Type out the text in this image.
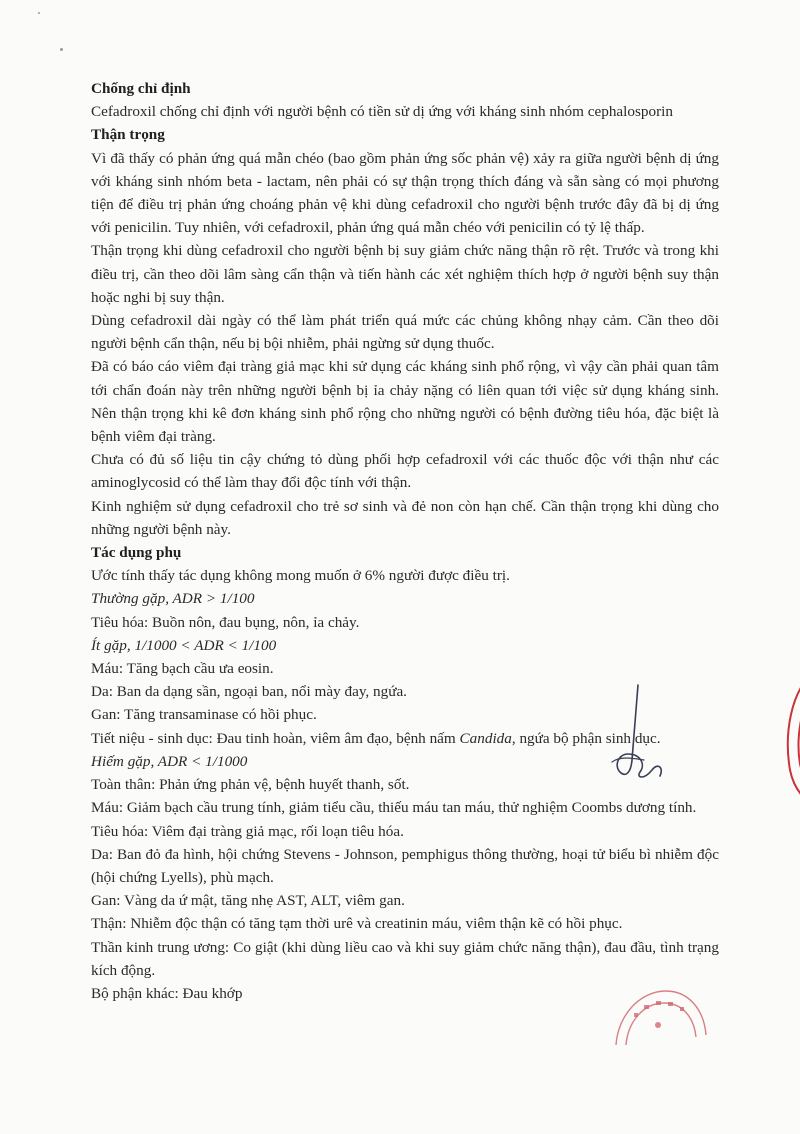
Chống chỉ định

Cefadroxil chống chỉ định với người bệnh có tiền sử dị ứng với kháng sinh nhóm cephalosporin

Thận trọng

Vì đã thấy có phản ứng quá mẫn chéo (bao gồm phản ứng sốc phản vệ) xảy ra giữa người bệnh dị ứng với kháng sinh nhóm beta - lactam, nên phải có sự thận trọng thích đáng và sẵn sàng có mọi phương tiện để điều trị phản ứng choáng phản vệ khi dùng cefadroxil cho người bệnh trước đây đã bị dị ứng với penicilin. Tuy nhiên, với cefadroxil, phản ứng quá mẫn chéo với penicilin có tỷ lệ thấp.

Thận trọng khi dùng cefadroxil cho người bệnh bị suy giảm chức năng thận rõ rệt. Trước và trong khi điều trị, cần theo dõi lâm sàng cẩn thận và tiến hành các xét nghiệm thích hợp ở người bệnh suy thận hoặc nghi bị suy thận.

Dùng cefadroxil dài ngày có thể làm phát triển quá mức các chủng không nhạy cảm. Cần theo dõi người bệnh cẩn thận, nếu bị bội nhiễm, phải ngừng sử dụng thuốc.

Đã có báo cáo viêm đại tràng giả mạc khi sử dụng các kháng sinh phổ rộng, vì vậy cần phải quan tâm tới chẩn đoán này trên những người bệnh bị ỉa chảy nặng có liên quan tới việc sử dụng kháng sinh. Nên thận trọng khi kê đơn kháng sinh phổ rộng cho những người có bệnh đường tiêu hóa, đặc biệt là bệnh viêm đại tràng.

Chưa có đủ số liệu tin cậy chứng tỏ dùng phối hợp cefadroxil với các thuốc độc với thận như các aminoglycosid có thể làm thay đổi độc tính với thận.

Kinh nghiệm sử dụng cefadroxil cho trẻ sơ sinh và đẻ non còn hạn chế. Cần thận trọng khi dùng cho những người bệnh này.

Tác dụng phụ

Ước tính thấy tác dụng không mong muốn ở 6% người được điều trị.

Thường gặp, ADR > 1/100

Tiêu hóa: Buồn nôn, đau bụng, nôn, ỉa chảy.

Ít gặp, 1/1000 < ADR < 1/100

Máu: Tăng bạch cầu ưa eosin.

Da: Ban da dạng sần, ngoại ban, nổi mày đay, ngứa.

Gan: Tăng transaminase có hồi phục.

Tiết niệu - sinh dục: Đau tinh hoàn, viêm âm đạo, bệnh nấm Candida, ngứa bộ phận sinh dục.

Hiếm gặp, ADR < 1/1000

Toàn thân: Phản ứng phản vệ, bệnh huyết thanh, sốt.

Máu: Giảm bạch cầu trung tính, giảm tiểu cầu, thiếu máu tan máu, thử nghiệm Coombs dương tính.

Tiêu hóa: Viêm đại tràng giả mạc, rối loạn tiêu hóa.

Da: Ban đỏ đa hình, hội chứng Stevens - Johnson, pemphigus thông thường, hoại tử biểu bì nhiễm độc (hội chứng Lyells), phù mạch.

Gan: Vàng da ứ mật, tăng nhẹ AST, ALT, viêm gan.

Thận: Nhiễm độc thận có tăng tạm thời urê và creatinin máu, viêm thận kẽ có hồi phục.

Thần kinh trung ương: Co giật (khi dùng liều cao và khi suy giảm chức năng thận), đau đầu, tình trạng kích động.

Bộ phận khác: Đau khớp
